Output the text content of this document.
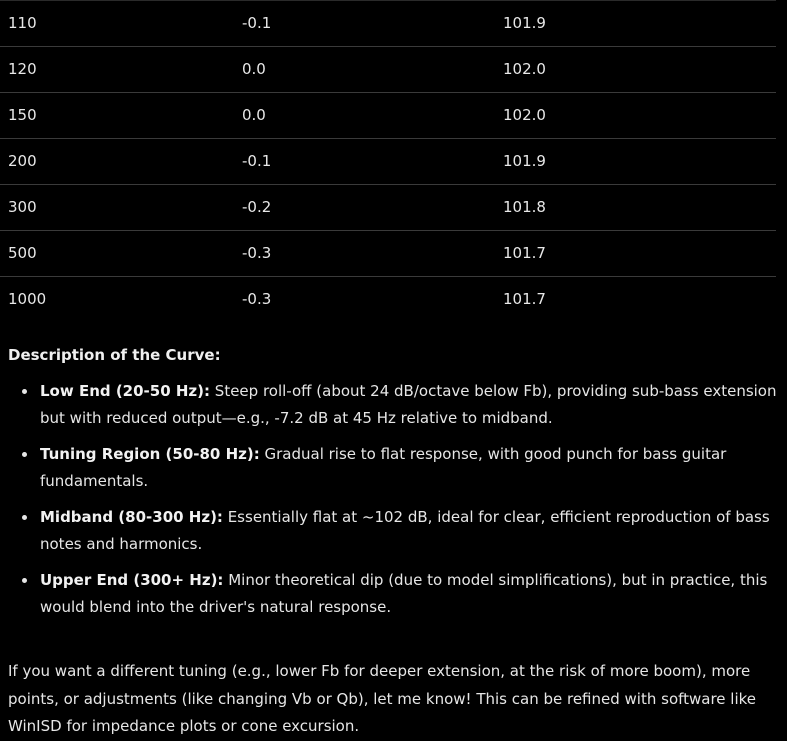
110	-0.1	101.9
120	0.0	102.0
150	0.0	102.0
200	-0.1	101.9
300	-0.2	101.8
500	-0.3	101.7
1000	-0.3	101.7
Description of the Curve:
Low End (20-50 Hz): Steep roll-off (about 24 dB/octave below Fb), providing sub-bass extension but with reduced output—e.g., -7.2 dB at 45 Hz relative to midband.
Tuning Region (50-80 Hz): Gradual rise to flat response, with good punch for bass guitar fundamentals.
Midband (80-300 Hz): Essentially flat at ~102 dB, ideal for clear, efficient reproduction of bass notes and harmonics.
Upper End (300+ Hz): Minor theoretical dip (due to model simplifications), but in practice, this would blend into the driver's natural response.

If you want a different tuning (e.g., lower Fb for deeper extension, at the risk of more boom), more points, or adjustments (like changing Vb or Qb), let me know! This can be refined with software like WinISD for impedance plots or cone excursion.
